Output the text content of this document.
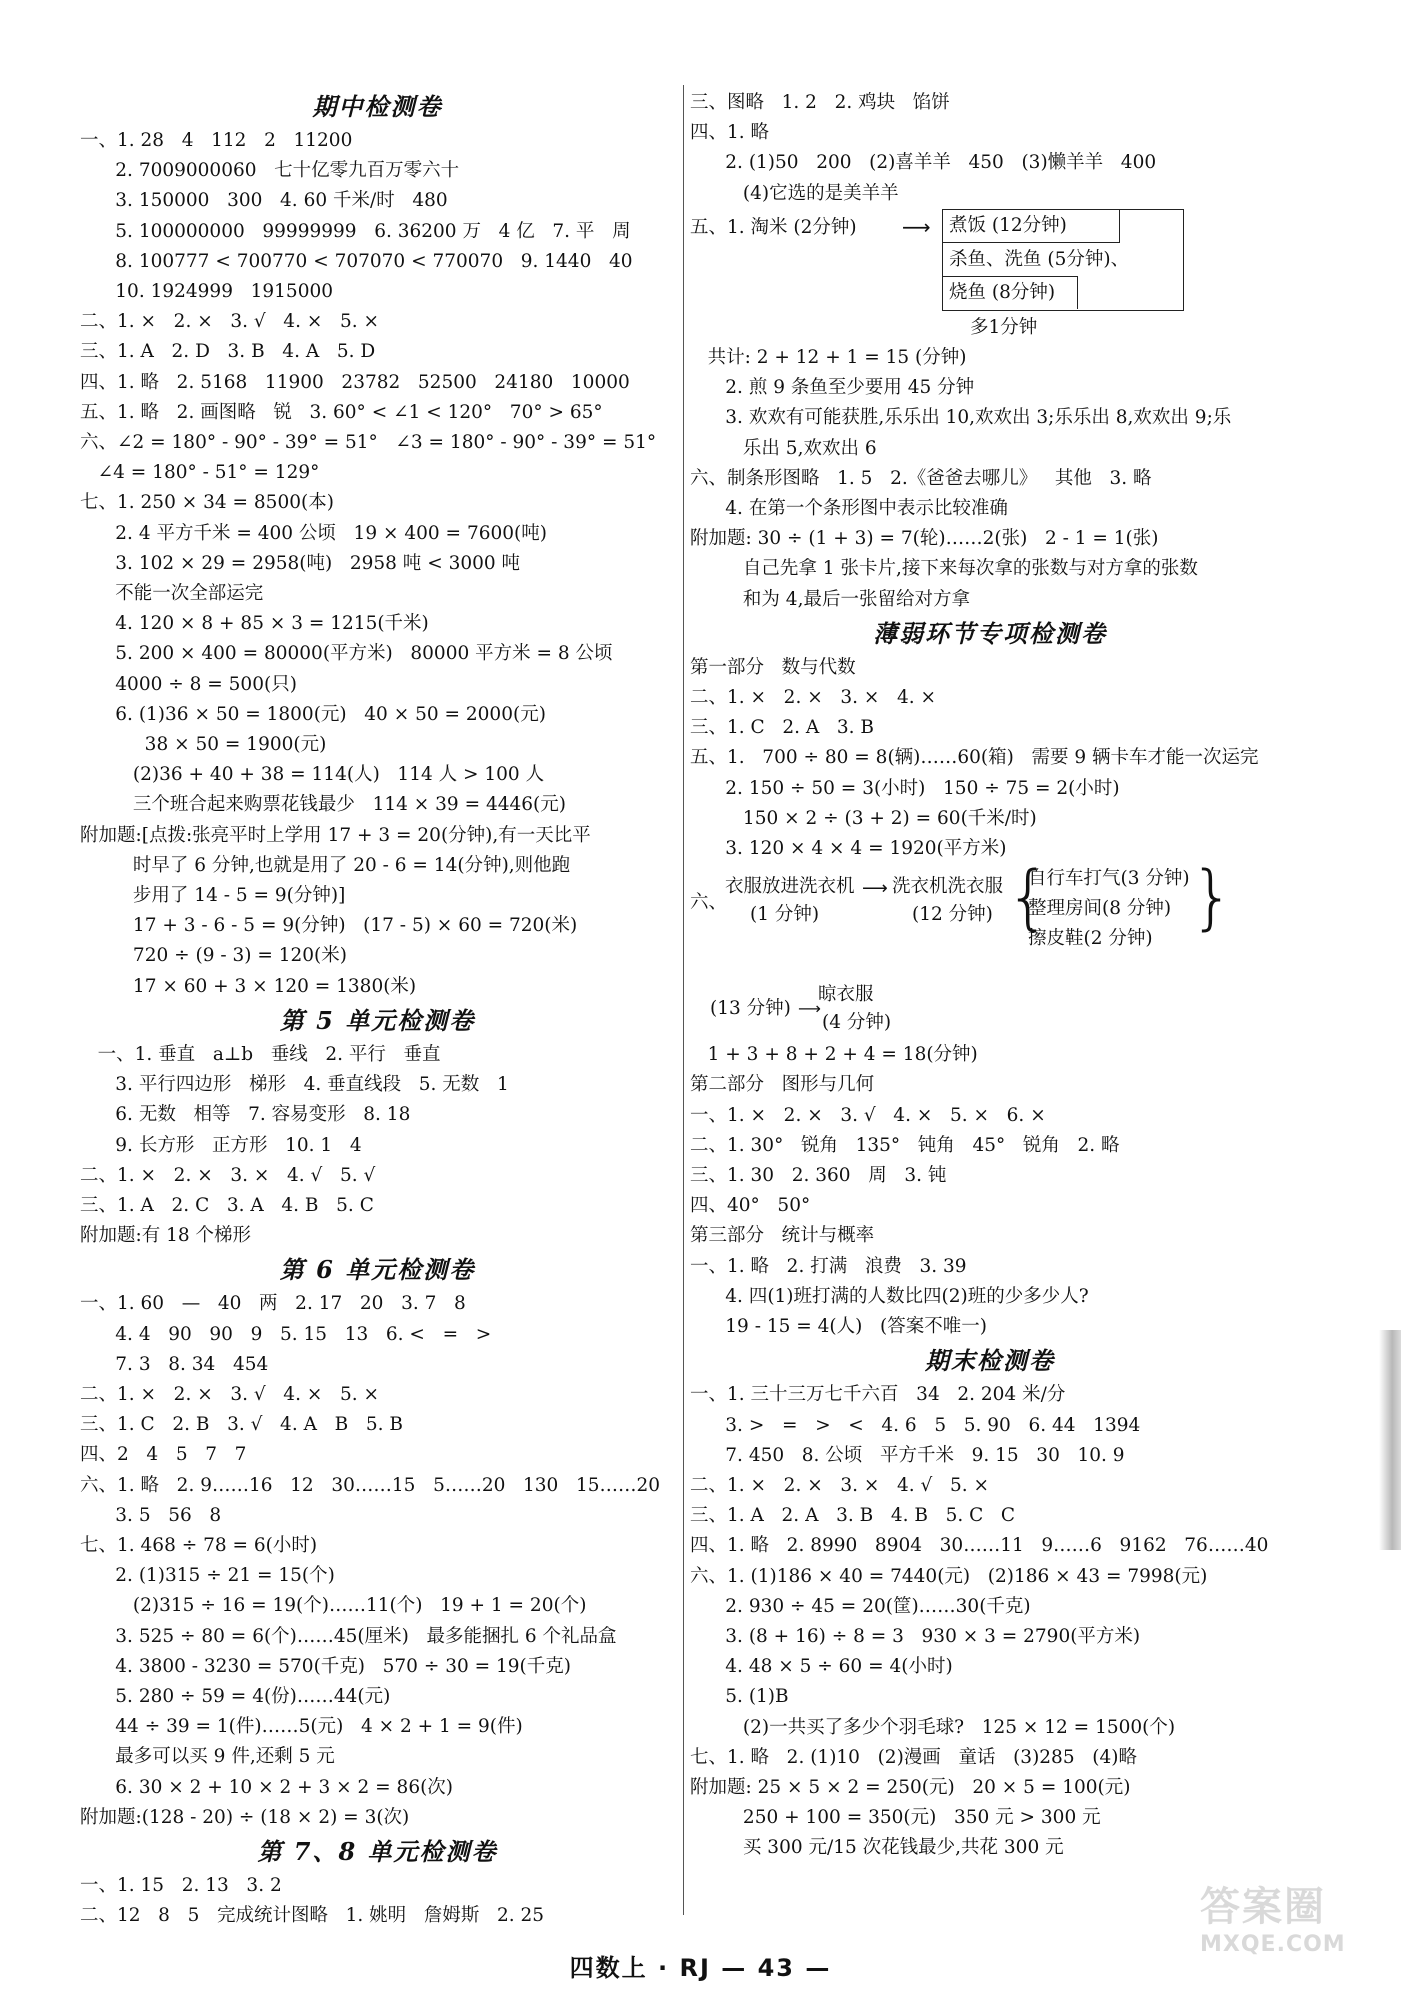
期中检测卷
一、1. 28   4   112   2   11200
2. 7009000060   七十亿零九百万零六十
3. 150000   300   4. 60 千米/时   480
5. 100000000   99999999   6. 36200 万   4 亿   7. 平   周
8. 100777 < 700770 < 707070 < 770070   9. 1440   40
10. 1924999   1915000
二、1. ×   2. ×   3. √   4. ×   5. ×
三、1. A   2. D   3. B   4. A   5. D
四、1. 略   2. 5168   11900   23782   52500   24180   10000
五、1. 略   2. 画图略   锐   3. 60° < ∠1 < 120°   70° > 65°
六、∠2 = 180° - 90° - 39° = 51°   ∠3 = 180° - 90° - 39° = 51°
∠4 = 180° - 51° = 129°
七、1. 250 × 34 = 8500(本)
2. 4 平方千米 = 400 公顷   19 × 400 = 7600(吨)
3. 102 × 29 = 2958(吨)   2958 吨 < 3000 吨
不能一次全部运完
4. 120 × 8 + 85 × 3 = 1215(千米)
5. 200 × 400 = 80000(平方米)   80000 平方米 = 8 公顷
4000 ÷ 8 = 500(只)
6. (1)36 × 50 = 1800(元)   40 × 50 = 2000(元)
38 × 50 = 1900(元)
(2)36 + 40 + 38 = 114(人)   114 人 > 100 人
三个班合起来购票花钱最少   114 × 39 = 4446(元)
附加题:[点拨:张亮平时上学用 17 + 3 = 20(分钟),有一天比平
时早了 6 分钟,也就是用了 20 - 6 = 14(分钟),则他跑
步用了 14 - 5 = 9(分钟)]
17 + 3 - 6 - 5 = 9(分钟)   (17 - 5) × 60 = 720(米)
720 ÷ (9 - 3) = 120(米)
17 × 60 + 3 × 120 = 1380(米)
第 5 单元检测卷
一、1. 垂直   a⊥b   垂线   2. 平行   垂直
3. 平行四边形   梯形   4. 垂直线段   5. 无数   1
6. 无数   相等   7. 容易变形   8. 18
9. 长方形   正方形   10. 1   4
二、1. ×   2. ×   3. ×   4. √   5. √
三、1. A   2. C   3. A   4. B   5. C
附加题:有 18 个梯形
第 6 单元检测卷
一、1. 60   —   40   两   2. 17   20   3. 7   8
4. 4   90   90   9   5. 15   13   6. <   =   >
7. 3   8. 34   454
二、1. ×   2. ×   3. √   4. ×   5. ×
三、1. C   2. B   3. √   4. A   B   5. B
四、2   4   5   7   7
六、1. 略   2. 9……16   12   30……15   5……20   130   15……20
3. 5   56   8
七、1. 468 ÷ 78 = 6(小时)
2. (1)315 ÷ 21 = 15(个)
(2)315 ÷ 16 = 19(个)……11(个)   19 + 1 = 20(个)
3. 525 ÷ 80 = 6(个)……45(厘米)   最多能捆扎 6 个礼品盒
4. 3800 - 3230 = 570(千克)   570 ÷ 30 = 19(千克)
5. 280 ÷ 59 = 4(份)……44(元)
44 ÷ 39 = 1(件)……5(元)   4 × 2 + 1 = 9(件)
最多可以买 9 件,还剩 5 元
6. 30 × 2 + 10 × 2 + 3 × 2 = 86(次)
附加题:(128 - 20) ÷ (18 × 2) = 3(次)
第 7、8 单元检测卷
一、1. 15   2. 13   3. 2
二、12   8   5   完成统计图略   1. 姚明   詹姆斯   2. 25
三、图略   1. 2   2. 鸡块   馅饼
四、1. 略
2. (1)50   200   (2)喜羊羊   450   (3)懒羊羊   400
(4)它选的是美羊羊
五、1. 淘米 (2分钟) ⟶ 煮饭 (12分钟)
杀鱼、洗鱼 (5分钟)、
烧鱼 (8分钟)
多1分钟
共计: 2 + 12 + 1 = 15 (分钟)
2. 煎 9 条鱼至少要用 45 分钟
3. 欢欢有可能获胜,乐乐出 10,欢欢出 3;乐乐出 8,欢欢出 9;乐
乐出 5,欢欢出 6
六、制条形图略   1. 5   2.《爸爸去哪儿》   其他   3. 略
4. 在第一个条形图中表示比较准确
附加题: 30 ÷ (1 + 3) = 7(轮)……2(张)   2 - 1 = 1(张)
自己先拿 1 张卡片,接下来每次拿的张数与对方拿的张数
和为 4,最后一张留给对方拿
薄弱环节专项检测卷
第一部分   数与代数
二、1. ×   2. ×   3. ×   4. ×
三、1. C   2. A   3. B
五、1.   700 ÷ 80 = 8(辆)……60(箱)   需要 9 辆卡车才能一次运完
2. 150 ÷ 50 = 3(小时)   150 ÷ 75 = 2(小时)
150 × 2 ÷ (3 + 2) = 60(千米/时)
3. 120 × 4 × 4 = 1920(平方米)
六、
衣服放进洗衣机
(1 分钟)
⟶ 洗衣机洗衣服
(12 分钟) {
自行车打气(3 分钟)
整理房间(8 分钟)
擦皮鞋(2 分钟)
}
(13 分钟) ⟶
晾衣服
(4 分钟)
1 + 3 + 8 + 2 + 4 = 18(分钟)
第二部分   图形与几何
一、1. ×   2. ×   3. √   4. ×   5. ×   6. ×
二、1. 30°   锐角   135°   钝角   45°   锐角   2. 略
三、1. 30   2. 360   周   3. 钝
四、40°   50°
第三部分   统计与概率
一、1. 略   2. 打满   浪费   3. 39
4. 四(1)班打满的人数比四(2)班的少多少人?
19 - 15 = 4(人)   (答案不唯一)
期末检测卷
一、1. 三十三万七千六百   34   2. 204 米/分
3. >   =   >   <   4. 6   5   5. 90   6. 44   1394
7. 450   8. 公顷   平方千米   9. 15   30   10. 9
二、1. ×   2. ×   3. ×   4. √   5. ×
三、1. A   2. A   3. B   4. B   5. C   C
四、1. 略   2. 8990   8904   30……11   9……6   9162   76……40
六、1. (1)186 × 40 = 7440(元)   (2)186 × 43 = 7998(元)
2. 930 ÷ 45 = 20(筐)……30(千克)
3. (8 + 16) ÷ 8 = 3   930 × 3 = 2790(平方米)
4. 48 × 5 ÷ 60 = 4(小时)
5. (1)B
(2)一共买了多少个羽毛球?   125 × 12 = 1500(个)
七、1. 略   2. (1)10   (2)漫画   童话   (3)285   (4)略
附加题: 25 × 5 × 2 = 250(元)   20 × 5 = 100(元)
250 + 100 = 350(元)   350 元 > 300 元
买 300 元/15 次花钱最少,共花 300 元
四数上 · RJ — 43 —
答案圈
MXQE.COM
